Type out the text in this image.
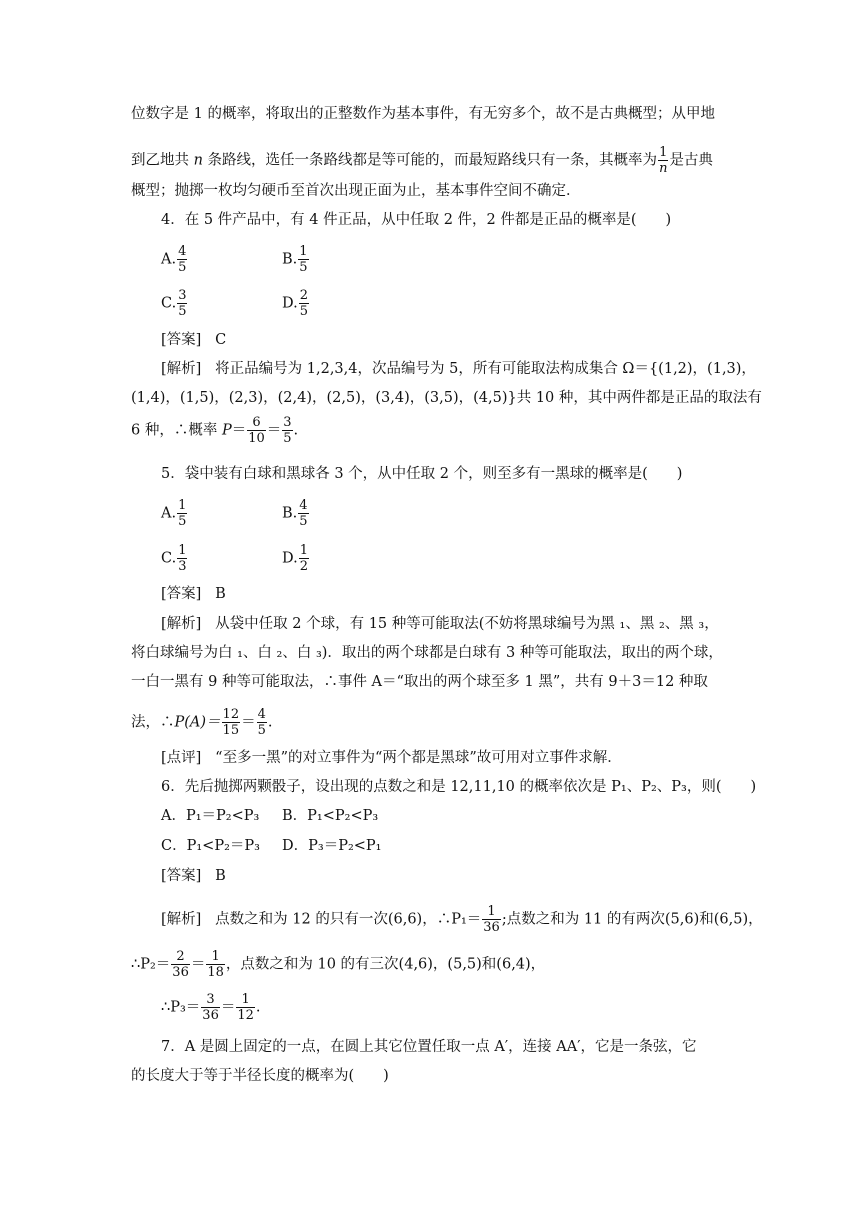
位数字是 1 的概率，将取出的正整数作为基本事件，有无穷多个，故不是古典概型；从甲地
到乙地共 n 条路线，选任一条路线都是等可能的，而最短路线只有一条，其概率为 $\frac{1}{n}$ 是古典
概型；抛掷一枚均匀硬币至首次出现正面为止，基本事件空间不确定．
4．在 5 件产品中，有 4 件正品，从中任取 2 件，2 件都是正品的概率是(　　)
A. $\frac{4}{5}$	B. $\frac{1}{5}$
C. $\frac{3}{5}$	D. $\frac{2}{5}$
[答案] C
[解析] 将正品编号为 1,2,3,4，次品编号为 5，所有可能取法构成集合 Ω＝{(1,2)，(1,3)，
(1,4)，(1,5)，(2,3)，(2,4)，(2,5)，(3,4)，(3,5)，(4,5)}共 10 种，其中两件都是正品的取法有
6 种，∴概率 $P= \frac{6}{10} = \frac{3}{5}$ .
5．袋中装有白球和黑球各 3 个，从中任取 2 个，则至多有一黑球的概率是(　　)
A. $\frac{1}{5}$	B. $\frac{4}{5}$
C. $\frac{1}{3}$	D. $\frac{1}{2}$
[答案] B
[解析] 从袋中任取 2 个球，有 15 种等可能取法(不妨将黑球编号为黑 ₁、黑 ₂、黑 ₃，
将白球编号为白 ₁、白 ₂、白 ₃)．取出的两个球都是白球有 3 种等可能取法，取出的两个球，
一白一黑有 9 种等可能取法，∴事件 A＝“取出的两个球至多 1 黑”，共有 9＋3＝12 种取
法，∴P(A)＝ $\frac{12}{15} = \frac{4}{5}$ .
[点评] “至多一黑”的对立事件为“两个都是黑球”故可用对立事件求解．
6．先后抛掷两颗骰子，设出现的点数之和是 12,11,10 的概率依次是 P₁、P₂、P₃，则(　　)
A．P₁＝P₂<P₃ B．P₁<P₂<P₃
C．P₁<P₂＝P₃ D．P₃＝P₂<P₁
[答案] B
[解析] 点数之和为 12 的只有一次(6,6)，∴P₁＝ $\frac{1}{36}$ ;点数之和为 11 的有两次(5,6)和(6,5)，
∴P₂＝ $\frac{2}{36} = \frac{1}{18}$ ，点数之和为 10 的有三次(4,6)，(5,5)和(6,4)，
∴P₃＝ $\frac{3}{36} = \frac{1}{12}$ .
7．A 是圆上固定的一点，在圆上其它位置任取一点 A′，连接 AA′，它是一条弦，它
的长度大于等于半径长度的概率为(　　)
